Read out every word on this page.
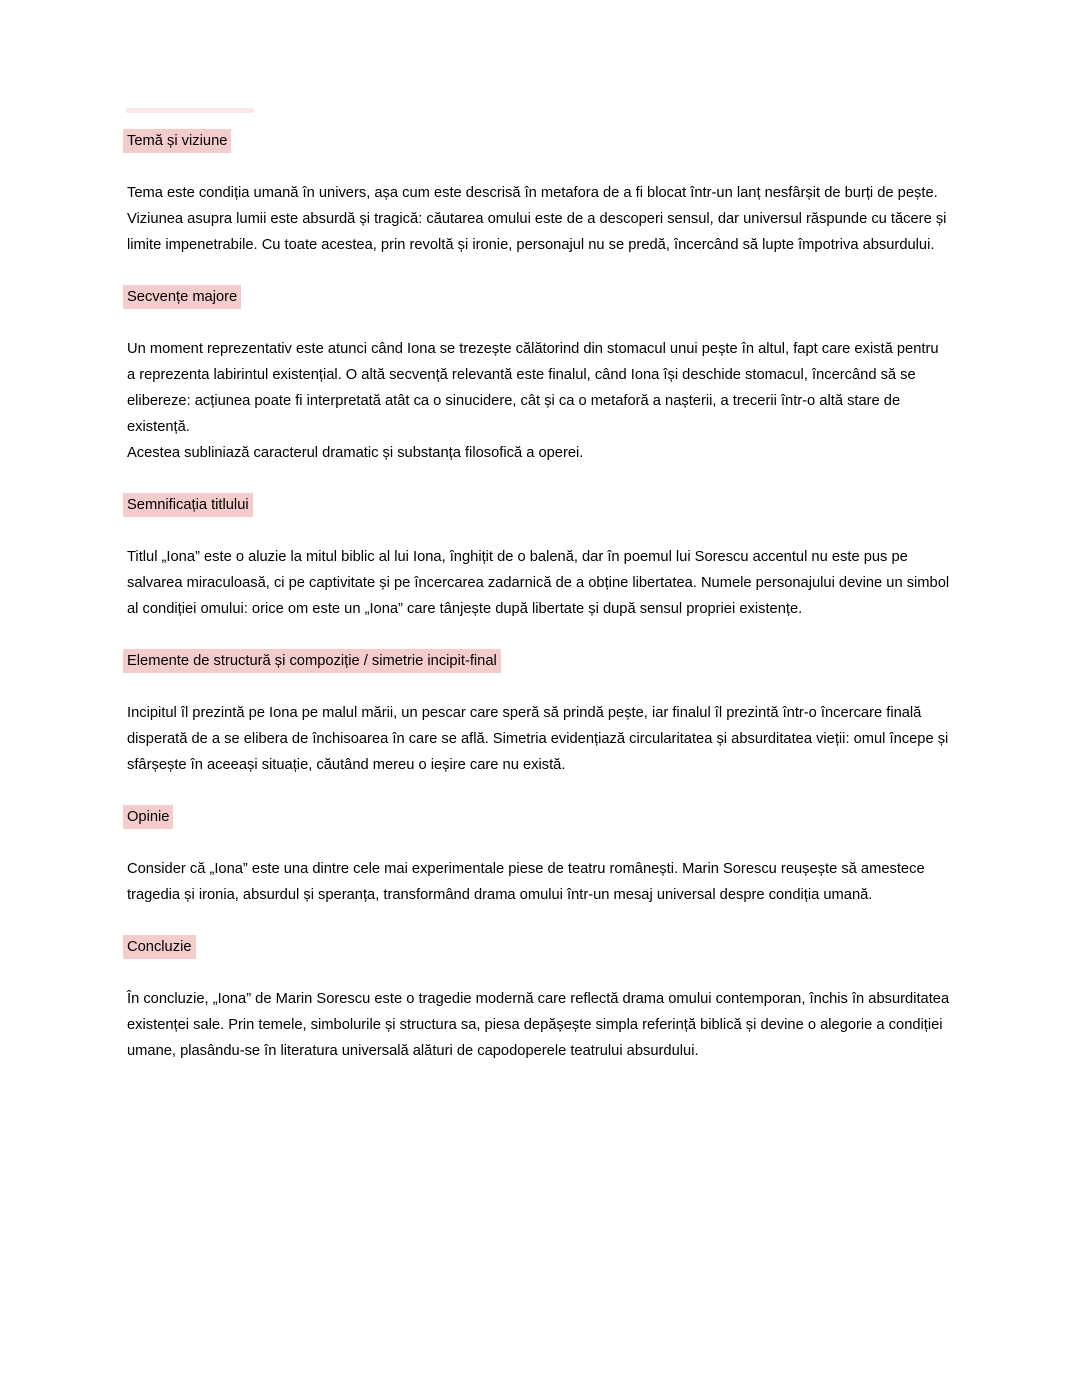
Temă și viziune

Tema este condiția umană în univers, așa cum este descrisă în metafora de a fi blocat într-un lanț nesfârșit de burți de pește. Viziunea asupra lumii este absurdă și tragică: căutarea omului este de a descoperi sensul, dar universul răspunde cu tăcere și limite impenetrabile. Cu toate acestea, prin revoltă și ironie, personajul nu se predă, încercând să lupte împotriva absurdului.

Secvențe majore

Un moment reprezentativ este atunci când Iona se trezește călătorind din stomacul unui pește în altul, fapt care există pentru a reprezenta labirintul existențial. O altă secvență relevantă este finalul, când Iona își deschide stomacul, încercând să se elibereze: acțiunea poate fi interpretată atât ca o sinucidere, cât și ca o metaforă a nașterii, a trecerii într-o altă stare de existență.

Acestea subliniază caracterul dramatic și substanța filosofică a operei.

Semnificația titlului

Titlul „Iona” este o aluzie la mitul biblic al lui Iona, înghițit de o balenă, dar în poemul lui Sorescu accentul nu este pus pe salvarea miraculoasă, ci pe captivitate și pe încercarea zadarnică de a obține libertatea. Numele personajului devine un simbol al condiției omului: orice om este un „Iona” care tânjește după libertate și după sensul propriei existențe.

Elemente de structură și compoziție / simetrie incipit-final

Incipitul îl prezintă pe Iona pe malul mării, un pescar care speră să prindă pește, iar finalul îl prezintă într-o încercare finală disperată de a se elibera de închisoarea în care se află. Simetria evidențiază circularitatea și absurditatea vieții: omul începe și sfârșește în aceeași situație, căutând mereu o ieșire care nu există.

Opinie

Consider că „Iona” este una dintre cele mai experimentale piese de teatru românești. Marin Sorescu reușește să amestece tragedia și ironia, absurdul și speranța, transformând drama omului într-un mesaj universal despre condiția umană.

Concluzie

În concluzie, „Iona” de Marin Sorescu este o tragedie modernă care reflectă drama omului contemporan, închis în absurditatea existenței sale. Prin temele, simbolurile și structura sa, piesa depășește simpla referință biblică și devine o alegorie a condiției umane, plasându-se în literatura universală alături de capodoperele teatrului absurdului.
